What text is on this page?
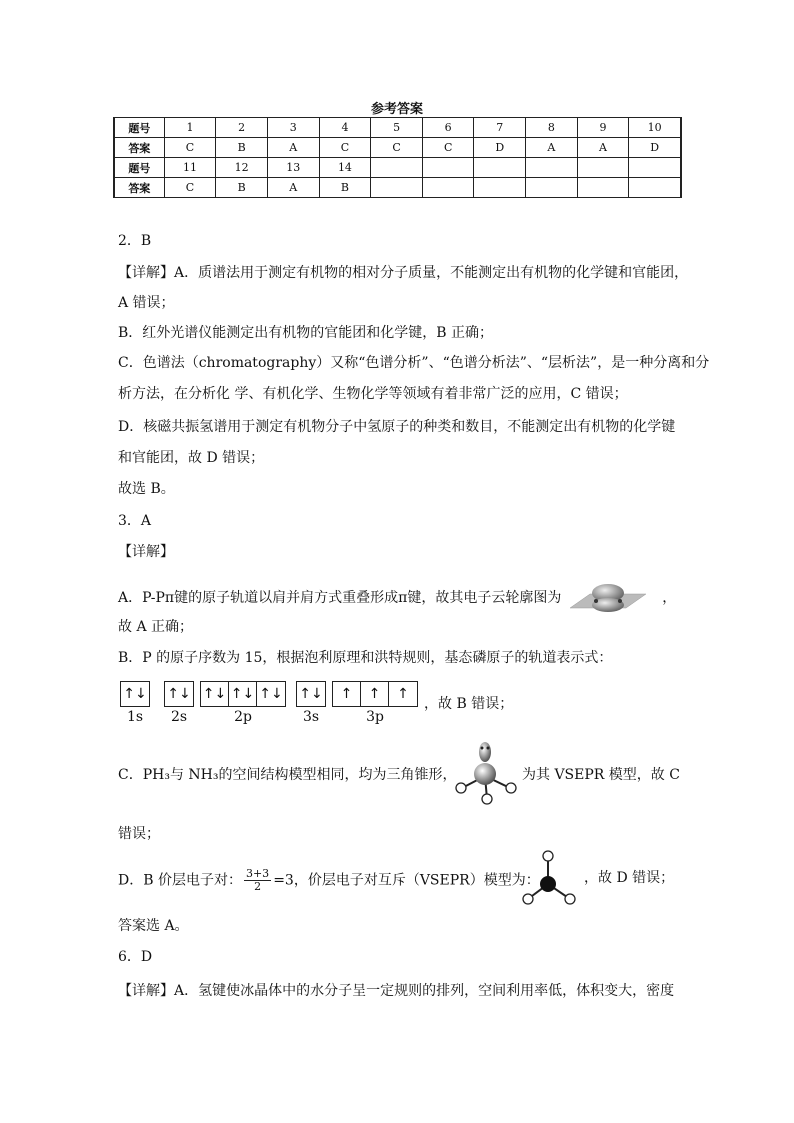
参考答案
题号	1	2	3	4	5	6	7	8	9	10
答案	C	B	A	C	C	C	D	A	A	D
题号	11	12	13	14						
答案	C	B	A	B						
2．B
【详解】A．质谱法用于测定有机物的相对分子质量，不能测定出有机物的化学键和官能团，
A 错误；
B．红外光谱仪能测定出有机物的官能团和化学键，B 正确；
C．色谱法（chromatography）又称“色谱分析”、“色谱分析法”、“层析法”，是一种分离和分
析方法，在分析化 学、有机化学、生物化学等领域有着非常广泛的应用，C 错误；
D．核磁共振氢谱用于测定有机物分子中氢原子的种类和数目，不能测定出有机物的化学键
和官能团，故 D 错误；
故选 B。
3．A
【详解】
A．P-Pπ键的原子轨道以肩并肩方式重叠形成π键，故其电子云轮廓图为	，
故 A 正确；
B．P 的原子序数为 15，根据泡利原理和洪特规则，基态磷原子的轨道表示式：
↑↓
1s
↑↓
2s
↑↓ ↑↓ ↑↓
2p
↑↓
3s
↑	↑	↑
3p
，故 B 错误；
C．PH₃与 NH₃的空间结构模型相同，均为三角锥形，	为其 VSEPR 模型，故 C
错误；
D．B 价层电子对： $\frac{3+3}{2} =3$，价层电子对互斥（VSEPR）模型为：	，故 D 错误；
答案选 A。
6．D
【详解】A．氢键使冰晶体中的水分子呈一定规则的排列，空间利用率低，体积变大，密度
